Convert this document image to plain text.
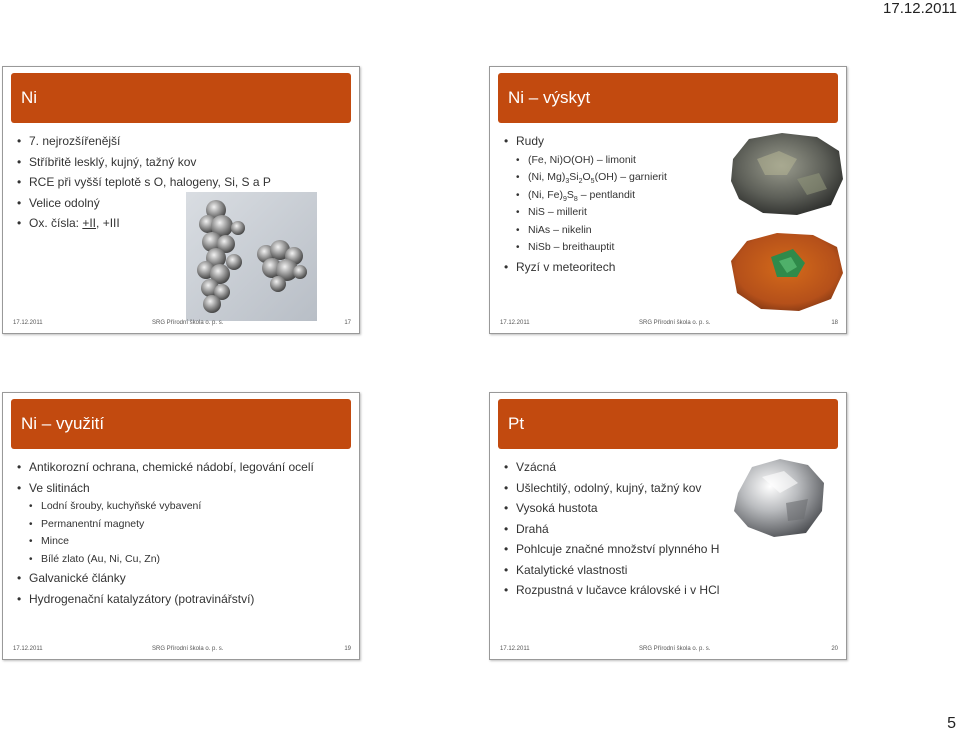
17.12.2011
Ni
• 7. nejrozšířenější
• Stříbřitě lesklý, kujný, tažný kov
• RCE při vyšší teplotě s O, halogeny, Si, S a P
• Velice odolný
• Ox. čísla: +II, +III
17.12.2011	SRG Přírodní škola o. p. s.	17
Ni – výskyt
• Rudy
• (Fe, Ni)O(OH) – limonit
• (Ni, $Mg)_3Si_2O_5(OH)$ – garnierit
• (Ni, $Fe)_9S_8$ – pentlandit
• NiS – millerit
• NiAs – nikelin
• NiSb – breithauptit
• Ryzí v meteoritech
17.12.2011	SRG Přírodní škola o. p. s.	18
Ni – využití
• Antikorozní ochrana, chemické nádobí, legování ocelí
• Ve slitinách
• Lodní šrouby, kuchyňské vybavení
• Permanentní magnety
• Mince
• Bílé zlato (Au, Ni, Cu, Zn)
• Galvanické články
• Hydrogenační katalyzátory (potravinářství)
17.12.2011	SRG Přírodní škola o. p. s.	19
Pt
• Vzácná
• Ušlechtilý, odolný, kujný, tažný kov
• Vysoká hustota
• Drahá
• Pohlcuje značné množství plynného H
• Katalytické vlastnosti
• Rozpustná v lučavce královské i v HCl
17.12.2011	SRG Přírodní škola o. p. s.	20
5
